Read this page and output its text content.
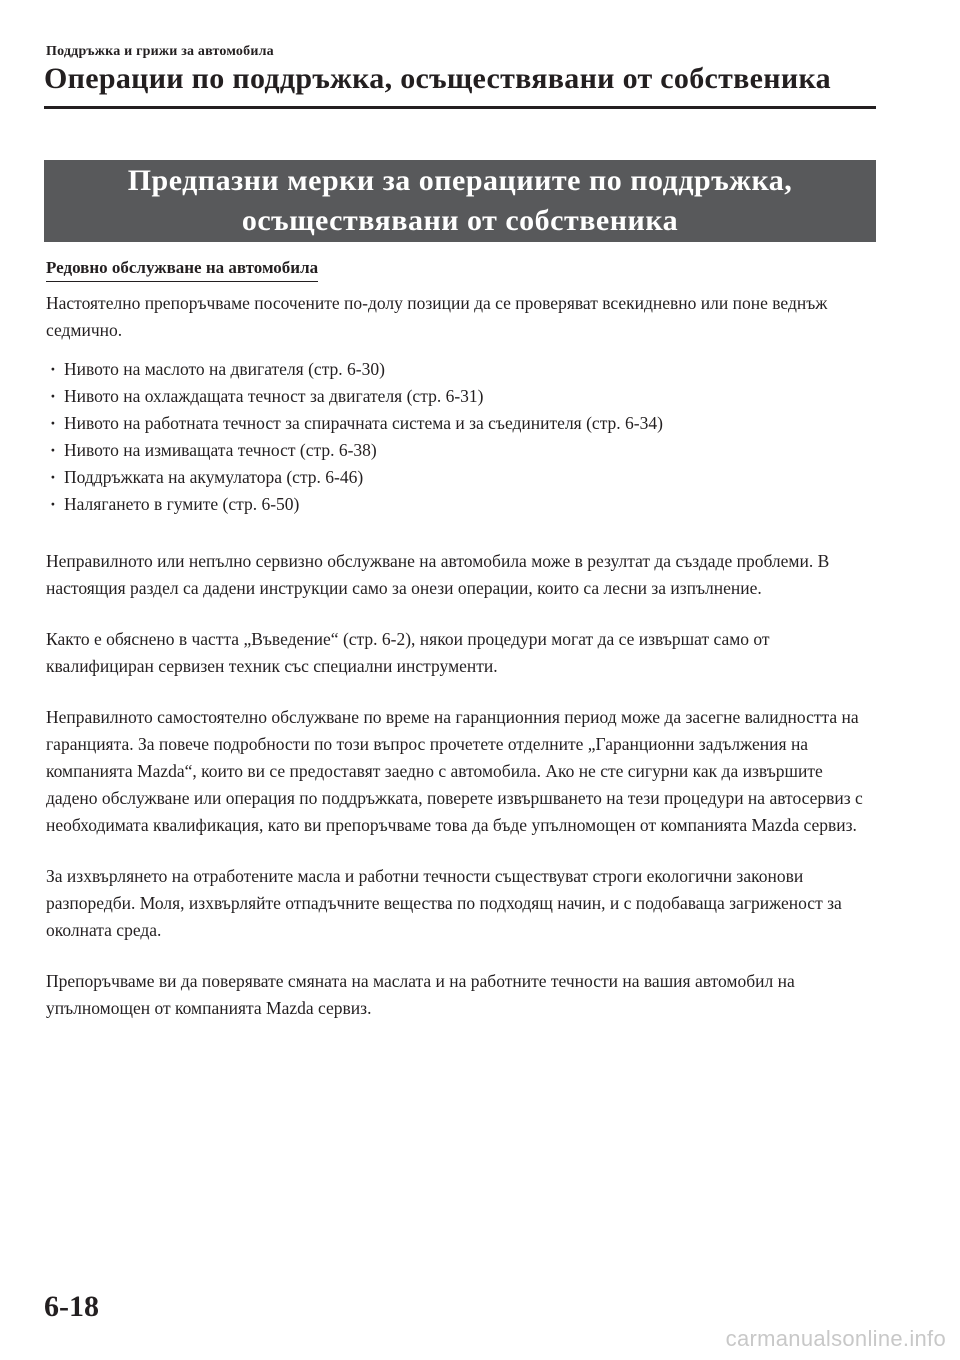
Поддръжка и грижи за автомобила
Операции по поддръжка, осъществявани от собственика
Предпазни мерки за операциите по поддръжка,
осъществявани от собственика
Редовно обслужване на автомобила

Настоятелно препоръчваме посочените по-долу позиции да се проверяват всекидневно или поне веднъж седмично.

· Нивото на маслото на двигателя (стр. 6-30)
· Нивото на охлаждащата течност за двигателя (стр. 6-31)
· Нивото на работната течност за спирачната система и за съединителя (стр. 6-34)
· Нивото на измиващата течност (стр. 6-38)
· Поддръжката на акумулатора (стр. 6-46)
· Налягането в гумите (стр. 6-50)

Неправилното или непълно сервизно обслужване на автомобила може в резултат да създаде проблеми. В настоящия раздел са дадени инструкции само за онези операции, които са лесни за изпълнение.

Както е обяснено в частта „Въведение“ (стр. 6-2), някои процедури могат да се извършат само от квалифициран сервизен техник със специални инструменти.

Неправилното самостоятелно обслужване по време на гаранционния период може да засегне валидността на гаранцията. За повече подробности по този въпрос прочетете отделните „Гаранционни задължения на компанията Mazda“, които ви се предоставят заедно с автомобила. Ако не сте сигурни как да извършите дадено обслужване или операция по поддръжката, поверете извършването на тези процедури на автосервиз с необходимата квалификация, като ви препоръчваме това да бъде упълномощен от компанията Mazda сервиз.

За изхвърлянето на отработените масла и работни течности съществуват строги екологични законови разпоредби. Моля, изхвърляйте отпадъчните вещества по подходящ начин, и с подобаваща загриженост за околната среда.

Препоръчваме ви да поверявате смяната на маслата и на работните течности на вашия автомобил на упълномощен от компанията Mazda сервиз.

6-18
carmanualsonline.info
